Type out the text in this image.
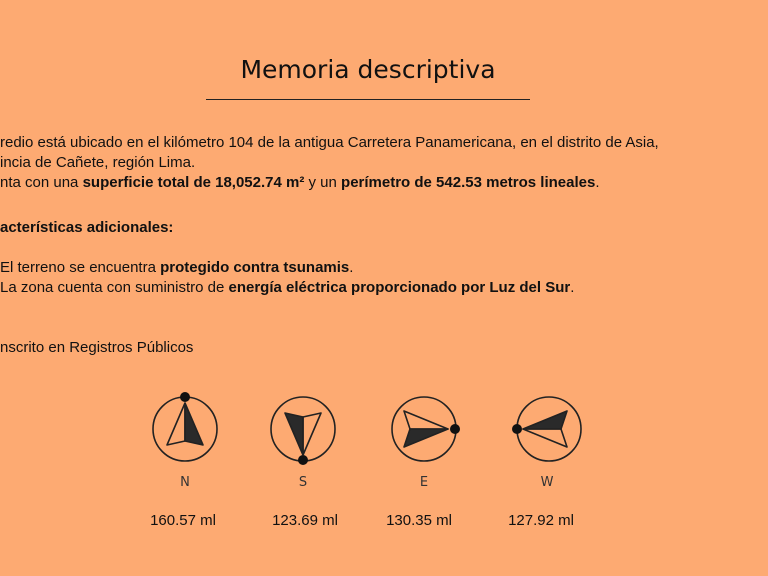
Memoria descriptiva
redio está ubicado en el kilómetro 104 de la antigua Carretera Panamericana, en el distrito de Asia,
incia de Cañete, región Lima.
nta con una superficie total de 18,052.74 m² y un perímetro de 542.53 metros lineales.
acterísticas adicionales:
El terreno se encuentra protegido contra tsunamis.
La zona cuenta con suministro de energía eléctrica proporcionado por Luz del Sur.
nscrito en Registros Públicos
N	S	E	W
160.57 ml	123.69 ml	130.35 ml	127.92 ml
